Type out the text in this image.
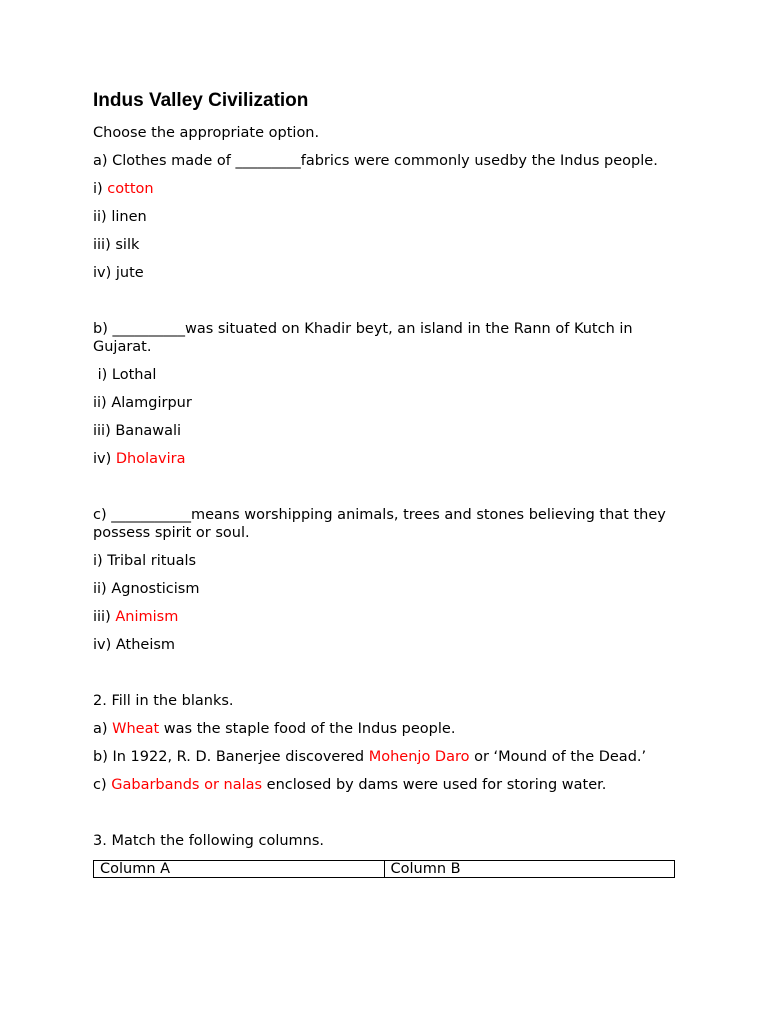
Indus Valley Civilization

Choose the appropriate option.

a) Clothes made of _________fabrics were commonly usedby the Indus people.

i) cotton

ii) linen

iii) silk

iv) jute

b) __________was situated on Khadir beyt, an island in the Rann of Kutch in Gujarat.

i) Lothal

ii) Alamgirpur

iii) Banawali

iv) Dholavira

c) ___________means worshipping animals, trees and stones believing that they possess spirit or soul.

i) Tribal rituals

ii) Agnosticism

iii) Animism

iv) Atheism

2. Fill in the blanks.

a) Wheat was the staple food of the Indus people.

b) In 1922, R. D. Banerjee discovered Mohenjo Daro or ‘Mound of the Dead.’

c) Gabarbands or nalas enclosed by dams were used for storing water.

3. Match the following columns.

Column A	Column B
